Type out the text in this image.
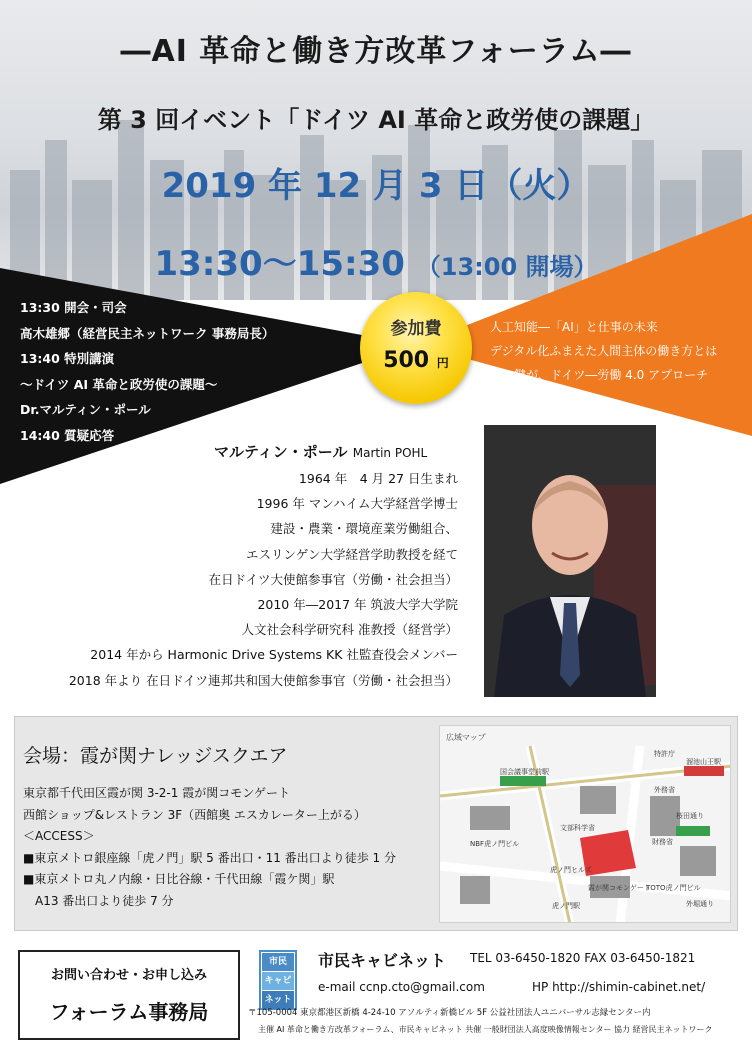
―AI 革命と働き方改革フォーラム―
第 3 回イベント「ドイツ AI 革命と政労使の課題」
2019 年 12 月 3 日（火）
13:30〜15:30 （13:00 開場）
13:30 開会・司会
高木雄郷（経営民主ネットワーク 事務局長）
13:40 特別講演
〜ドイツ AI 革命と政労使の課題〜
Dr.マルティン・ポール
14:40 質疑応答
参加費
500 円
人工知能―「AI」と仕事の未来
デジタル化ふまえた人間主体の働き方とは
その鍵が、ドイツ―労働 4.0 アプローチ
マルティン・ポール Martin POHL
1964 年　4 月 27 日生まれ
1996 年 マンハイム大学経営学博士
建設・農業・環境産業労働組合、
エスリンゲン大学経営学助教授を経て
在日ドイツ大使館参事官（労働・社会担当）
2010 年―2017 年 筑波大学大学院
人文社会科学研究科 准教授（経営学）
2014 年から Harmonic Drive Systems KK 社監査役会メンバー
2018 年より 在日ドイツ連邦共和国大使館参事官（労働・社会担当）
会場：霞が関ナレッジスクエア
東京都千代田区霞が関 3-2-1 霞が関コモンゲート
西館ショップ&レストラン 3F（西館奥 エスカレーター上がる）
＜ACCESS＞
■東京メトロ銀座線「虎ノ門」駅 5 番出口・11 番出口より徒歩 1 分
■東京メトロ丸ノ内線・日比谷線・千代田線「霞ケ関」駅
　A13 番出口より徒歩 7 分
広域マップ
外務省
文部科学省
財務省
霞が関コモンゲート
虎ノ門駅
TOTO虎ノ門ビル
外堀通り
桜田通り
国会議事堂前駅
溜池山王駅
NBF虎ノ門ビル
虎ノ門ヒルズ
特許庁
お問い合わせ・お申し込み
フォーラム事務局
市民
キャビ
ネット
市民キャビネット TEL 03-6450-1820 FAX 03-6450-1821
e-mail ccnp.cto@gmail.com	HP http://shimin-cabinet.net/
〒105-0004 東京都港区新橋 4-24-10 アソルティ新橋ビル 5F 公益社団法人ユニバーサル志縁センター内
主催 AI 革命と働き方改革フォーラム、市民キャビネット 共催 一般財団法人高度映像情報センター 協力 経営民主ネットワーク
